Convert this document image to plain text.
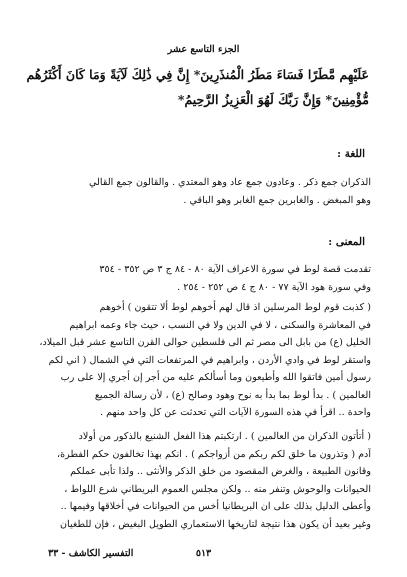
الجزء التاسع عشر
عَلَيْهِم مَّطَرًا فَسَاءَ مَطَرُ الْمُنذَرِينَ* إِنَّ فِي ذَٰلِكَ لَآيَةً وَمَا كَانَ أَكْثَرُهُم
مُّؤْمِنِينَ* وَإِنَّ رَبَّكَ لَهُوَ الْعَزِيزُ الرَّحِيمُ*
اللغة :
الذكران جمع ذكر . وعادون جمع عاد وهو المعتدي . والقالون جمع القالي
وهو المبغض . والغابرين جمع الغابر وهو الباقي .
المعنى :
تقدمت قصة لوط في سورة الاعراف الآية ٨٠ - ٨٤ ج ٣ ص ٣٥٢ - ٣٥٤
وفي سورة هود الآية ٧٧ - ٨٠ ج ٤ ص ٢٥٢ - ٢٥٤ .
( كذبت قوم لوط المرسلين اذ قال لهم أخوهم لوط ألا تتقون ) أخوهم
في المعاشرة والسكنى ، لا في الدين ولا في النسب ، حيث جاء وعمه ابراهيم
الخليل (ع) من بابل الى مصر ثم الى فلسطين حوالى القرن التاسع عشر قبل الميلاد،
واستقر لوط في وادي الأردن ، وابراهيم في المرتفعات التي في الشمال ( اني لكم
رسول أمين فاتقوا الله وأطيعون وما أسألكم عليه من أجر إن أجري إلا على رب
العالمين ) . بدأ لوط بما بدأ به نوح وهود وصالح (ع) ، لأن رسالة الجميع
واحدة .. اقرأ في هذه السورة الآيات التي تحدثت عن كل واحد منهم .
( أتأتون الذكران من العالمين ) . ارتكبتم هذا الفعل الشنيع بالذكور من أولاد
آدم ( وتذرون ما خلق لكم ربكم من أزواجكم ) . انكم بهذا تخالفون حكم الفطرة،
وقانون الطبيعة ، والغرض المقصود من خلق الذكر والأنثى .. ولذا تأبى عملكم
الحيوانات والوحوش وتنفر منه .. ولكن مجلس العموم البريطاني شرع اللواط ،
وأعطى الدليل بذلك على ان البريطانيا أخس من الحيوانات في أخلاقها وفيمها ..
وغير بعيد أن يكون هذا نتيجة لتاريخها الاستعماري الطويل البغيض ، فإن للطغيان
٥١٣
التفسير الكاشف - ٣٣
